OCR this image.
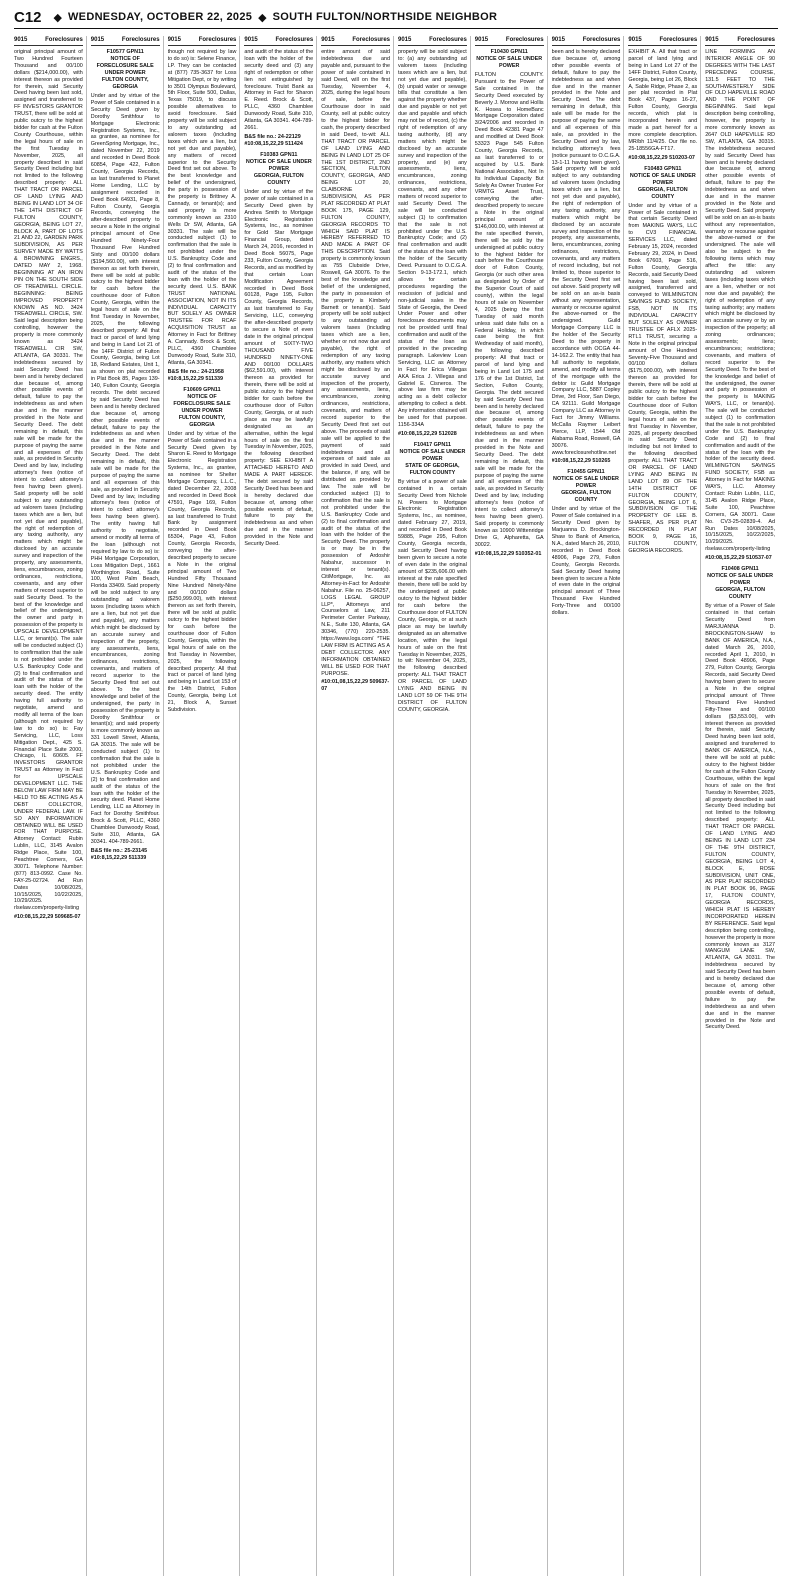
C12 ◆ WEDNESDAY, OCTOBER 22, 2025 ◆ SOUTH FULTON/NORTHSIDE NEIGHBOR
9015	Foreclosures
original principal amount of Two Hundred Fourteen Thousand and 00/100 dollars ($214,000.00), with interest thereon as provided for therein, said Security Deed having been last sold, assigned and transferred to FF INVESTORS GRANTOR TRUST, there will be sold at public outcry to the highest bidder for cash at the Fulton County Courthouse, within the legal hours of sale on the first Tuesday in November, 2025, all property described in said Security Deed including but not limited to the following described property: ALL THAT TRACT OR PARCEL OF LAND LYING AND BEING IN LAND LOT 34 OF THE 14TH DISTRICT OF FULTON COUNTY, GEORGIA, BEING LOT 27, BLOCK A, PART OF LOTS 21 AND 22, GARDEN PARK SUBDIVISION, AS PER SURVEY MADE BY WATTS & BROWNING ENGRS., DATED MAY 2, 1968. BEGINNING AT AN IRON PIN ON THE SOUTH SIDE OF TREADWELL CIRCLE. BEGINNING: BEING IMPROVED PROPERTY KNOWN AS NO. 3424 TREADWELL CIRCLE, SW. Said legal description being controlling, however the property is more commonly known as 3424 TREADWELL CIR SW, ATLANTA, GA 30331. The indebtedness secured by said Security Deed has been and is hereby declared due because of, among other possible events of default, failure to pay the indebtedness as and when due and in the manner provided in the Note and Security Deed. The debt remaining in default, this sale will be made for the purpose of paying the same and all expenses of this sale, as provided in Security Deed and by law, including attorney's fees (notice of intent to collect attorney's fees having been given). Said property will be sold subject to any outstanding ad valorem taxes (including taxes which are a lien, but not yet due and payable), the right of redemption of any taxing authority, any matters which might be disclosed by an accurate survey and inspection of the property, any assessments, liens, encumbrances, zoning ordinances, restrictions, covenants, and any other matters of record superior to said Security Deed. To the best of the knowledge and belief of the undersigned, the owner and party in possession of the property is UPSCALE DEVELOPMENT LLC, or tenant(s). The sale will be conducted subject (1) to confirmation that the sale is not prohibited under the U.S. Bankruptcy Code and (2) to final confirmation and audit of the status of the loan with the holder of the security deed. The entity having full authority to negotiate, amend and modify all terms of the loan (although not required by law to do so) is: Fay Servicing, LLC, Loss Mitigation Dept., 425 S. Financial Place Suite 2000, Chicago, IL 60605. FF INVESTORS GRANTOR TRUST as Attorney in Fact for UPSCALE DEVELOPMENT LLC. THE BELOW LAW FIRM MAY BE HELD TO BE ACTING AS A DEBT COLLECTOR, UNDER FEDERAL LAW. IF SO ANY INFORMATION OBTAINED WILL BE USED FOR THAT PURPOSE. Attorney Contact: Rubin Lublin, LLC, 3145 Avalon Ridge Place, Suite 100, Peachtree Corners, GA 30071. Telephone Number: (877) 813-0992. Case No. FAY-25-02724. Ad Run Dates 10/08/2025, 10/15/2025, 10/22/2025, 10/29/2025. rlselaw.com/property-listing
#10:08,15,22,29 509685-07
9015	Foreclosures
F10577 GPN11
NOTICE OF FORECLOSURE SALE UNDER POWER
FULTON COUNTY, GEORGIA
Under and by virtue of the Power of Sale contained in a Security Deed given by Dorothy Smithfour to Mortgage Electronic Registration Systems, Inc., as grantee, as nominee for GreenSpring Mortgage, Inc., dated November 22, 2019 and recorded in Deed Book 60854, Page 422, Fulton County, Georgia Records, as last transferred to Planet Home Lending, LLC by assignment recorded in Deed Book 64931, Page 8, Fulton County, Georgia Records, conveying the after-described property to secure a Note in the original principal amount of One Hundred Ninety-Four Thousand Five Hundred Sixty and 00/100 dollars ($194,560.00), with interest thereon as set forth therein, there will be sold at public outcry to the highest bidder for cash before the courthouse door of Fulton County, Georgia, within the legal hours of sale on the first Tuesday in November, 2025, the following described property: All that tract or parcel of land lying and being in Land Lot 21 of the 14FF District of Fulton County, Georgia, being Lot 18, Redland Estates, Unit 1, as shown on plat recorded in Plat Book 85, Pages 139-140, Fulton County, Georgia records. The debt secured by said Security Deed has been and is hereby declared due because of, among other possible events of default, failure to pay the indebtedness as and when due and in the manner provided in the Note and Security Deed. The debt remaining in default, this sale will be made for the purpose of paying the same and all expenses of this sale, as provided in Security Deed and by law, including attorney's fees (notice of intent to collect attorney's fees having been given). The entity having full authority to negotiate, amend or modify all terms of the loan (although not required by law to do so) is: PHH Mortgage Corporation, Loss Mitigation Dept., 1661 Worthington Road, Suite 100, West Palm Beach, Florida 33409. Said property will be sold subject to any outstanding ad valorem taxes (including taxes which are a lien, but not yet due and payable), any matters which might be disclosed by an accurate survey and inspection of the property, any assessments, liens, encumbrances, zoning ordinances, restrictions, covenants, and matters of record superior to the Security Deed first set out above. To the best knowledge and belief of the undersigned, the party in possession of the property is Dorothy Smithfour or tenant(s); and said property is more commonly known as 331 Lowell Street, Atlanta, GA 30315. The sale will be conducted subject (1) to confirmation that the sale is not prohibited under the U.S. Bankruptcy Code and (2) to final confirmation and audit of the status of the loan with the holder of the security deed. Planet Home Lending, LLC as Attorney in Fact for Dorothy Smithfour. Brock & Scott, PLLC, 4360 Chamblee Dunwoody Road, Suite 310, Atlanta, GA 30341. 404-789-2661.
B&S file no.: 25-23145 #10:8,15,22,29 511339
9015	Foreclosures
though not required by law to do so) is: Selene Finance, LP. They can be contacted at (877) 735-3637 for Loss Mitigation Dept, or by writing to 3501 Olympus Boulevard, 5th Floor, Suite 500, Dallas, Texas 75019, to discuss possible alternatives to avoid foreclosure. Said property will be sold subject to any outstanding ad valorem taxes (including taxes which are a lien, but not yet due and payable), any matters of record superior to the Security Deed first set out above. To the best knowledge and belief of the undersigned, the party in possession of the property is Brittney A. Cannady, or tenant(s); and said property is more commonly known as 2310 Wells Dr SW, Atlanta, GA 30331. The sale will be conducted subject (1) to confirmation that the sale is not prohibited under the U.S. Bankruptcy Code and (2) to final confirmation and audit of the status of the loan with the holder of the security deed. U.S. BANK TRUST NATIONAL ASSOCIATION, NOT IN ITS INDIVIDUAL CAPACITY BUT SOLELY AS OWNER TRUSTEE FOR RCAF ACQUISITION TRUST as Attorney in Fact for Brittney A. Cannady. Brock & Scott, PLLC, 4360 Chamblee Dunwoody Road, Suite 310, Atlanta, GA 30341.
B&S file no.: 24-21958 #10:8,15,22,29 511339
F10609 GPN11
NOTICE OF FORECLOSURE SALE UNDER POWER
FULTON COUNTY, GEORGIA
Under and by virtue of the Power of Sale contained in a Security Deed given by Sharon E. Reed to Mortgage Electronic Registration Systems, Inc., as grantee, as nominee for Shelter Mortgage Company, L.L.C., dated December 22, 2008 and recorded in Deed Book 47591, Page 169, Fulton County, Georgia Records, as last transferred to Truist Bank by assignment recorded in Deed Book 65304, Page 43, Fulton County, Georgia Records, conveying the after-described property to secure a Note in the original principal amount of Two Hundred Fifty Thousand Nine Hundred Ninety-Nine and 00/100 dollars ($250,999.00), with interest thereon as set forth therein, there will be sold at public outcry to the highest bidder for cash before the courthouse door of Fulton County, Georgia, within the legal hours of sale on the first Tuesday in November, 2025, the following described property: All that tract or parcel of land lying and being in Land Lot 153 of the 14th District, Fulton County, Georgia, being Lot 21, Block A, Sunset Subdivision.
9015	Foreclosures
and audit of the status of the loan with the holder of the security deed and (3) any right of redemption or other lien not extinguished by foreclosure. Truist Bank as Attorney in Fact for Sharon E. Reed. Brock & Scott, PLLC, 4360 Chamblee Dunwoody Road, Suite 310, Atlanta, GA 30341. 404-789-2661.
B&S file no.: 24-22129 #10:08,15,22,29 511424
F10383 GPN11
NOTICE OF SALE UNDER POWER
GEORGIA, FULTON COUNTY
Under and by virtue of the power of sale contained in a Security Deed given by Andrea Smith to Mortgage Electronic Registration Systems, Inc., as nominee for Gold Star Mortgage Financial Group, dated March 24, 2016, recorded in Deed Book 56075, Page 233, Fulton County, Georgia Records, and as modified by that certain Loan Modification Agreement recorded in Deed Book 60128, Page 195, Fulton County, Georgia Records, as last transferred to Fay Servicing, LLC, conveying the after-described property to secure a Note of even date in the original principal amount of SIXTY-TWO THOUSAND FIVE HUNDRED NINETY-ONE AND 00/100 DOLLARS ($62,591.00), with interest thereon as provided for therein, there will be sold at public outcry to the highest bidder for cash before the courthouse door of Fulton County, Georgia, or at such place as may be lawfully designated as an alternative, within the legal hours of sale on the first Tuesday in November, 2025, the following described property: SEE EXHIBIT A ATTACHED HERETO AND MADE A PART HEREOF. The debt secured by said Security Deed has been and is hereby declared due because of, among other possible events of default, failure to pay the indebtedness as and when due and in the manner provided in the Note and Security Deed.
9015	Foreclosures
entire amount of said indebtedness due and payable and, pursuant to the power of sale contained in said Deed, will on the first Tuesday, November 4, 2025, during the legal hours of sale, before the Courthouse door in said County, sell at public outcry to the highest bidder for cash, the property described in said Deed, to-wit: ALL THAT TRACT OR PARCEL OF LAND LYING AND BEING IN LAND LOT 25 OF THE 1ST DISTRICT, 2ND SECTION, FULTON COUNTY, GEORGIA, AND BEING LOT 20, CLAIBORNE SUBDIVISION, AS PER PLAT RECORDED AT PLAT BOOK 175, PAGE 129, FULTON COUNTY, GEORGIA RECORDS TO WHICH SAID PLAT IS HEREBY REFERRED TO AND MADE A PART OF THIS DESCRIPTION. Said property is commonly known as 755 Clubside Drive, Roswell, GA 30076. To the best of the knowledge and belief of the undersigned, the party in possession of the property is Kimberly Barnett or tenant(s). Said property will be sold subject to any outstanding ad valorem taxes (including taxes which are a lien, whether or not now due and payable), the right of redemption of any taxing authority, any matters which might be disclosed by an accurate survey and inspection of the property, any assessments, liens, encumbrances, zoning ordinances, restrictions, covenants, and matters of record superior to the Security Deed first set out above. The proceeds of said sale will be applied to the payment of said indebtedness and all expenses of said sale as provided in said Deed, and the balance, if any, will be distributed as provided by law. The sale will be conducted subject (1) to confirmation that the sale is not prohibited under the U.S. Bankruptcy Code and (2) to final confirmation and audit of the status of the loan with the holder of the Security Deed. The property is or may be in the possession of Ardoshir Nabahur, successor in interest or tenant(s). CitiMortgage, Inc. as Attorney-in-Fact for Ardoshir Nabahur. File no. 25-06257, LOGS LEGAL GROUP LLP*, Attorneys and Counselors at Law, 211 Perimeter Center Parkway, N.E., Suite 130, Atlanta, GA 30346, (770) 220-2535. https://www.logs.com/ *THE LAW FIRM IS ACTING AS A DEBT COLLECTOR. ANY INFORMATION OBTAINED WILL BE USED FOR THAT PURPOSE.
#10:01,08,15,22,29 509637-07
9015	Foreclosures
property will be sold subject to: (a) any outstanding ad valorem taxes (including taxes which are a lien, but not yet due and payable), (b) unpaid water or sewage bills that constitute a lien against the property whether due and payable or not yet due and payable and which may not be of record, (c) the right of redemption of any taxing authority, (d) any matters which might be disclosed by an accurate survey and inspection of the property, and (e) any assessments, liens, encumbrances, zoning ordinances, restrictions, covenants, and any other matters of record superior to said Security Deed. The sale will be conducted subject (1) to confirmation that the sale is not prohibited under the U.S. Bankruptcy Code; and (2) final confirmation and audit of the status of the loan with the holder of the Security Deed. Pursuant to O.C.G.A. Section 9-13-172.1, which allows for certain procedures regarding the rescission of judicial and non-judicial sales in the State of Georgia, the Deed Under Power and other foreclosure documents may not be provided until final confirmation and audit of the status of the loan as provided in the preceding paragraph. Lakeview Loan Servicing, LLC as Attorney in Fact for Erica Villegas AKA Erica J. Villegas and Gabriel E. Cisneros. The above law firm may be acting as a debt collector attempting to collect a debt. Any information obtained will be used for that purpose. 1156-334A
#10:08,15,22,29 512028
F10417 GPN11
NOTICE OF SALE UNDER POWER
STATE OF GEORGIA, FULTON COUNTY
By virtue of a power of sale contained in a certain Security Deed from Nichole N. Powers to Mortgage Electronic Registration Systems, Inc., as nominee, dated February 27, 2019, and recorded in Deed Book 59885, Page 295, Fulton County, Georgia records, said Security Deed having been given to secure a note of even date in the original amount of $235,606.00 with interest at the rate specified therein, there will be sold by the undersigned at public outcry to the highest bidder for cash before the Courthouse door of FULTON County, Georgia, or at such place as may be lawfully designated as an alternative location, within the legal hours of sale on the first Tuesday in November, 2025, to wit: November 04, 2025, the following described property: ALL THAT TRACT OR PARCEL OF LAND LYING AND BEING IN LAND LOT 59 OF THE 9TH DISTRICT OF FULTON COUNTY, GEORGIA.
9015	Foreclosures
F10430 GPN11
NOTICE OF SALE UNDER POWER
FULTON COUNTY. Pursuant to the Power of Sale contained in the Security Deed executed by Beverly J. Morrow and Hollis K. Hosea to HomeBanc Mortgage Corporation dated 3/24/2006 and recorded in Deed Book 42381 Page 47 and modified at Deed Book 53323 Page 545 Fulton County, Georgia Records, as last transferred to or acquired by U.S. Bank National Association, Not In Its Individual Capacity But Solely As Owner Trustee For VRMTG Asset Trust, conveying the after-described property to secure a Note in the original principal amount of $146,000.00, with interest at the rate specified therein, there will be sold by the undersigned at public outcry to the highest bidder for cash before the Courthouse door of Fulton County, Georgia (or such other area as designated by Order of the Superior Court of said county), within the legal hours of sale on November 4, 2025 (being the first Tuesday of said month unless said date falls on a Federal Holiday, in which case being the first Wednesday of said month), the following described property: All that tract or parcel of land lying and being in Land Lot 175 and 176 of the 1st District, 1st Section, Fulton County, Georgia. The debt secured by said Security Deed has been and is hereby declared due because of, among other possible events of default, failure to pay the indebtedness as and when due and in the manner provided in the Note and Security Deed. The debt remaining in default, this sale will be made for the purpose of paying the same and all expenses of this sale, as provided in Security Deed and by law, including attorney's fees (notice of intent to collect attorney's fees having been given). Said property is commonly known as 10900 Wittenridge Drive G, Alpharetta, GA 30022.
#10:08,15,22,29 510352-01
9015	Foreclosures
been and is hereby declared due because of, among other possible events of default, failure to pay the indebtedness as and when due and in the manner provided in the Note and Security Deed. The debt remaining in default, this sale will be made for the purpose of paying the same and all expenses of this sale, as provided in the Security Deed and by law, including attorney's fees (notice pursuant to O.C.G.A. 13-1-11 having been given). Said property will be sold subject to any outstanding ad valorem taxes (including taxes which are a lien, but not yet due and payable), the right of redemption of any taxing authority, any matters which might be disclosed by an accurate survey and inspection of the property, any assessments, liens, encumbrances, zoning ordinances, restrictions, covenants, and any matters of record including, but not limited to, those superior to the Security Deed first set out above. Said property will be sold on an as-is basis without any representation, warranty or recourse against the above-named or the undersigned. Guild Mortgage Company LLC is the holder of the Security Deed to the property in accordance with OCGA 44-14-162.2. The entity that has full authority to negotiate, amend, and modify all terms of the mortgage with the debtor is: Guild Mortgage Company LLC, 5887 Copley Drive, 3rd Floor, San Diego, CA 92111. Guild Mortgage Company LLC as Attorney in Fact for Jimmy Williams. McCalla Raymer Leibert Pierce, LLP, 1544 Old Alabama Road, Roswell, GA 30076. www.foreclosurehotline.net
#10:08,15,22,29 510265
F10455 GPN11
NOTICE OF SALE UNDER POWER
GEORGIA, FULTON COUNTY
Under and by virtue of the Power of Sale contained in a Security Deed given by Marjuanna D. Brockington-Shaw to Bank of America, N.A., dated March 26, 2010, recorded in Deed Book 48906, Page 279, Fulton County, Georgia Records. Said Security Deed having been given to secure a Note of even date in the original principal amount of Three Thousand Five Hundred Forty-Three and 00/100 dollars.
9015	Foreclosures
EXHIBIT A. All that tract or parcel of land lying and being in Land Lot 27 of the 14FF District, Fulton County, Georgia, being Lot 26, Block A, Sable Ridge, Phase 2, as per plat recorded in Plat Book 437, Pages 16-27, Fulton County, Georgia records, which plat is incorporated herein and made a part hereof for a more complete description. MR/bh 11/4/25. Our file no. 25-18556GA-FT17.
#10:08,15,22,29 510203-07
F10483 GPN11
NOTICE OF SALE UNDER POWER
GEORGIA, FULTON COUNTY
Under and by virtue of a Power of Sale contained in that certain Security Deed from MAKING WAYS, LLC to CV3 FINANCIAL SERVICES LLC, dated February 15, 2024, recorded February 29, 2024, in Deed Book 67603, Page 516, Fulton County, Georgia Records, said Security Deed having been last sold, assigned, transferred and conveyed to WILMINGTON SAVINGS FUND SOCIETY, FSB, NOT IN ITS INDIVIDUAL CAPACITY BUT SOLELY AS OWNER TRUSTEE OF AFLX 2025-RTL1 TRUST, securing a Note in the original principal amount of One Hundred Seventy-Five Thousand and 00/100 dollars ($175,000.00), with interest thereon as provided for therein, there will be sold at public outcry to the highest bidder for cash before the Courthouse door of Fulton County, Georgia, within the legal hours of sale on the first Tuesday in November, 2025, all property described in said Security Deed including but not limited to the following described property: ALL THAT TRACT OR PARCEL OF LAND LYING AND BEING IN LAND LOT 89 OF THE 14TH DISTRICT OF FULTON COUNTY, GEORGIA, BEING LOT 6, SUBDIVISION OF THE PROPERTY OF LEE B. SHAFER, AS PER PLAT RECORDED IN PLAT BOOK 9, PAGE 16, FULTON COUNTY, GEORGIA RECORDS.
9015	Foreclosures
LINE FORMING AN INTERIOR ANGLE OF 90 DEGREES WITH THE LAST PRECEDING COURSE, 131.5 FEET TO THE SOUTHWESTERLY SIDE OF OLD HAPEVILLE ROAD AND THE POINT OF BEGINNING. Said legal description being controlling, however, the property is more commonly known as 2647 OLD HAPEVILLE RD SW, ATLANTA, GA 30315. The indebtedness secured by said Security Deed has been and is hereby declared due because of, among other possible events of default, failure to pay the indebtedness as and when due and in the manner provided in the Note and Security Deed. Said property will be sold on an as-is basis without any representation, warranty or recourse against the above-named or the undersigned. The sale will also be subject to the following items which may affect the title: any outstanding ad valorem taxes (including taxes which are a lien, whether or not now due and payable); the right of redemption of any taxing authority; any matters which might be disclosed by an accurate survey or by an inspection of the property; all zoning ordinances; assessments; liens; encumbrances; restrictions; covenants, and matters of record superior to the Security Deed. To the best of the knowledge and belief of the undersigned, the owner and party in possession of the property is MAKING WAYS, LLC, or tenant(s). The sale will be conducted subject (1) to confirmation that the sale is not prohibited under the U.S. Bankruptcy Code and (2) to final confirmation and audit of the status of the loan with the holder of the security deed. WILMINGTON SAVINGS FUND SOCIETY, FSB as Attorney in Fact for MAKING WAYS, LLC. Attorney Contact: Rubin Lublin, LLC, 3145 Avalon Ridge Place, Suite 100, Peachtree Corners, GA 30071. Case No. CV3-25-02839-4. Ad Run Dates 10/08/2025, 10/15/2025, 10/22/2025, 10/29/2025. rlselaw.com/property-listing
#10:08,15,22,29 510537-07
F10408 GPN11
NOTICE OF SALE UNDER POWER
GEORGIA, FULTON COUNTY
By virtue of a Power of Sale contained in that certain Security Deed from MARJUANNA D. BROCKINGTON-SHAW to BANK OF AMERICA, N.A., dated March 26, 2010, recorded April 1, 2010, in Deed Book 48906, Page 279, Fulton County, Georgia Records, said Security Deed having been given to secure a Note in the original principal amount of Three Thousand Five Hundred Fifty-Three and 00/100 dollars ($3,553.00), with interest thereon as provided for therein, said Security Deed having been last sold, assigned and transferred to BANK OF AMERICA, N.A., there will be sold at public outcry to the highest bidder for cash at the Fulton County Courthouse, within the legal hours of sale on the first Tuesday in November, 2025, all property described in said Security Deed including but not limited to the following described property: ALL THAT TRACT OR PARCEL OF LAND LYING AND BEING IN LAND LOT 234 OF THE 9TH DISTRICT, FULTON COUNTY, GEORGIA, BEING LOT 4, BLOCK E, ROSE SUBDIVISION, UNIT ONE, AS PER PLAT RECORDED IN PLAT BOOK 96, PAGE 17, FULTON COUNTY, GEORGIA RECORDS, WHICH PLAT IS HEREBY INCORPORATED HEREIN BY REFERENCE. Said legal description being controlling, however the property is more commonly known as 3127 MANGUM LANE SW, ATLANTA, GA 30311. The indebtedness secured by said Security Deed has been and is hereby declared due because of, among other possible events of default, failure to pay the indebtedness as and when due and in the manner provided in the Note and Security Deed.
